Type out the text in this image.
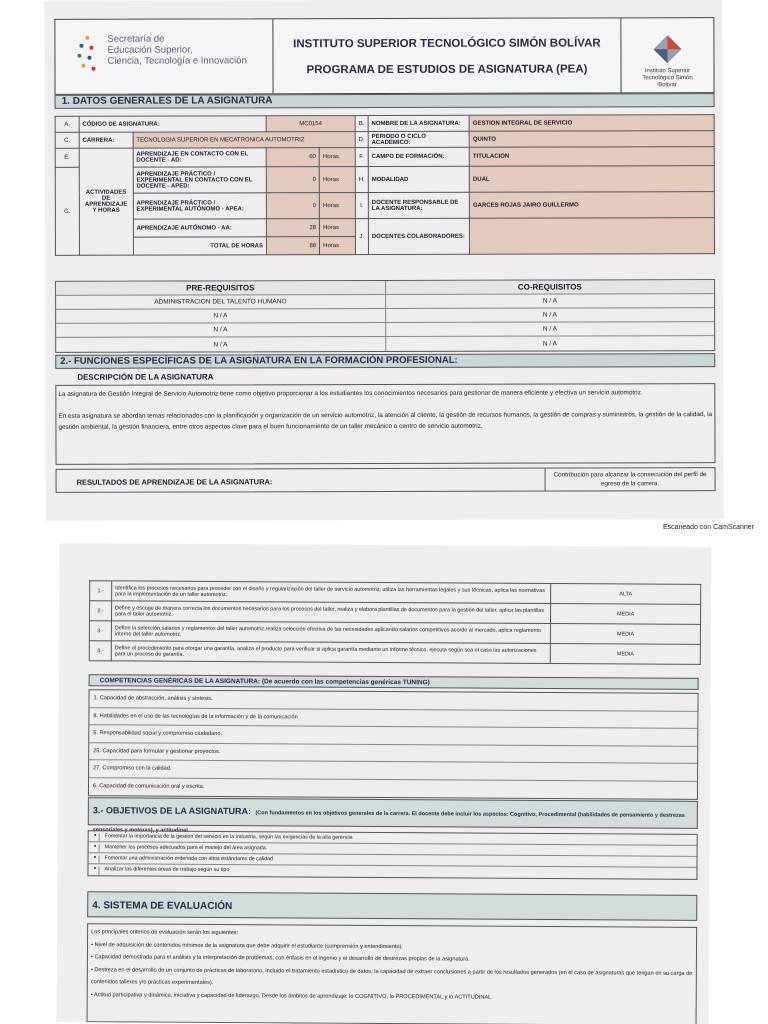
Secretaría de
Educación Superior,
Ciencia, Tecnología e Innovación
INSTITUTO SUPERIOR TECNOLÓGICO SIMÓN BOLÍVAR
PROGRAMA DE ESTUDIOS DE ASIGNATURA (PEA)	Instituto Superior
Tecnológico Simón
Bolívar
1. DATOS GENERALES DE LA ASIGNATURA
A.	CÓDIGO DE ASIGNATURA:		MC0154		B.	NOMBRE DE LA ASIGNATURA:	GESTION INTEGRAL DE SERVICIO
C.	CARRERA:	TECNOLOGIA SUPERIOR EN MECATRONICA AUTOMOTRIZ			D.	PERIODO O CICLO ACADÉMICO:	QUINTO
E.	ACTIVIDADES DE APRENDIZAJE Y HORAS	APRENDIZAJE EN CONTACTO CON EL DOCENTE - AD:	60	Horas	F.	CAMPO DE FORMACIÓN:	TITULACION
G.		APRENDIZAJE PRÁCTICO / EXPERIMENTAL EN CONTACTO CON EL DOCENTE - APED:	0	Horas	H.	MODALIDAD	DUAL
		APRENDIZAJE PRÁCTICO / EXPERIMENTAL AUTÓNOMO - APEA:	0	Horas	I.	DOCENTE RESPONSABLE DE LA ASIGNATURA:	GARCES ROJAS JAIRO GUILLERMO
		APRENDIZAJE AUTÓNOMO - AA:	28	Horas	J.	DOCENTES COLABORADORES:	
		TOTAL DE HORAS	88	Horas			
PRE-REQUISITOS	CO-REQUISITOS
ADMINISTRACION DEL TALENTO HUMANO	N / A
N / A	N / A
N / A	N / A
N / A	N / A
2.- FUNCIONES ESPECÍFICAS DE LA ASIGNATURA EN LA FORMACIÓN PROFESIONAL:
DESCRIPCIÓN DE LA ASIGNATURA

La asignatura de Gestión Integral de Servicio Automotriz tiene como objetivo proporcionar a los estudiantes los conocimientos necesarios para gestionar de manera eficiente y efectiva un servicio automotriz.

En esta asignatura se abordan temas relacionados con la planificación y organización de un servicio automotriz, la atención al cliente, la gestión de recursos humanos, la gestión de compras y suministros, la gestión de la calidad, la gestión ambiental, la gestión financiera, entre otros aspectos clave para el buen funcionamiento de un taller mecánico o centro de servicio automotriz.

RESULTADOS DE APRENDIZAJE DE LA ASIGNATURA:
Contribución para alcanzar la consecución del perfil de egreso de la carrera.
Escaneado con CamScanner
1.-	Identifica los procesos necesarios para proceder con el diseño y regularización del taller de servicio automotriz, utiliza las herramientas legales y sus técnicas, aplica las normativas para la implementación de un taller automotriz.	ALTA
2.-	Define y escoge de manera correcta los documentos necesarios para los procesos del taller, realiza y elabora plantillas de documentos para la gestión del taller, aplica las plantillas para el taller automotriz.	MEDIA
3.-	Define la selección,salarios y reglamentos del taller automotriz,realiza selección efectiva de las necesidades aplicando salarios competitivos acorde al mercado, aplica reglamento interno del taller automotriz.	MEDIA
4.-	Define el procedimiento para otorgar una garantía, analiza el producto para verificar si aplica garantía mediante un informe técnico, ejecuta según sea el caso las autorizaciones para un proceso de garantía.	MEDIA
COMPETENCIAS GENÉRICAS DE LA ASIGNATURA: (De acuerdo con las competencias genéricas TUNING)
1. Capacidad de abstracción, análisis y síntesis.
8. Habilidades en el uso de las tecnologías de la información y de la comunicación
5. Responsabilidad social y compromiso ciudadano.
25. Capacidad para formular y gestionar proyectos.
27. Compromiso con la calidad.
6. Capacidad de comunicación oral y escrita.
3.- OBJETIVOS DE LA ASIGNATURA: (Con fundamentos en los objetivos generales de la carrera. El docente debe incluir los aspectos: Cognitivo, Procedimental (habilidades de pensamiento y destrezas sensoriales y motoras), y actitudinal.
•	Fomentar la importancia de la gestión del servicio en la industria, según las exigencias de la alta gerencia
•	Mantener los procesos adecuados para el manejo del área asignada.
•	Fomentar una administración ordenada con altos estándares de calidad
•	Analizar las diferentes áreas de trabajo según su tipo
4. SISTEMA DE EVALUACIÓN
Los principales criterios de evaluación serán los siguientes:
• Nivel de adquisición de contenidos mínimos de la asignatura que debe adquirir el estudiante (comprensión y entendimiento).
• Capacidad demostrada para el análisis y la interpretación de problemas, con énfasis en el ingenio y el desarrollo de destrezas propias de la asignatura.
• Destreza en el desarrollo de un conjunto de prácticas de laboratorio, incluido el tratamiento estadístico de datos, la capacidad de extraer conclusiones a partir de los resultados generados (en el caso de asignaturas que tengan en su carga de contenidos talleres y/o prácticas experimentales).
• Actitud participativa y dinámica, iniciativa y capacidad de liderazgo. Desde los ámbitos de aprendizaje: lo COGNITIVO, lo PROCEDIMENTAL y lo ACTITUDINAL.
